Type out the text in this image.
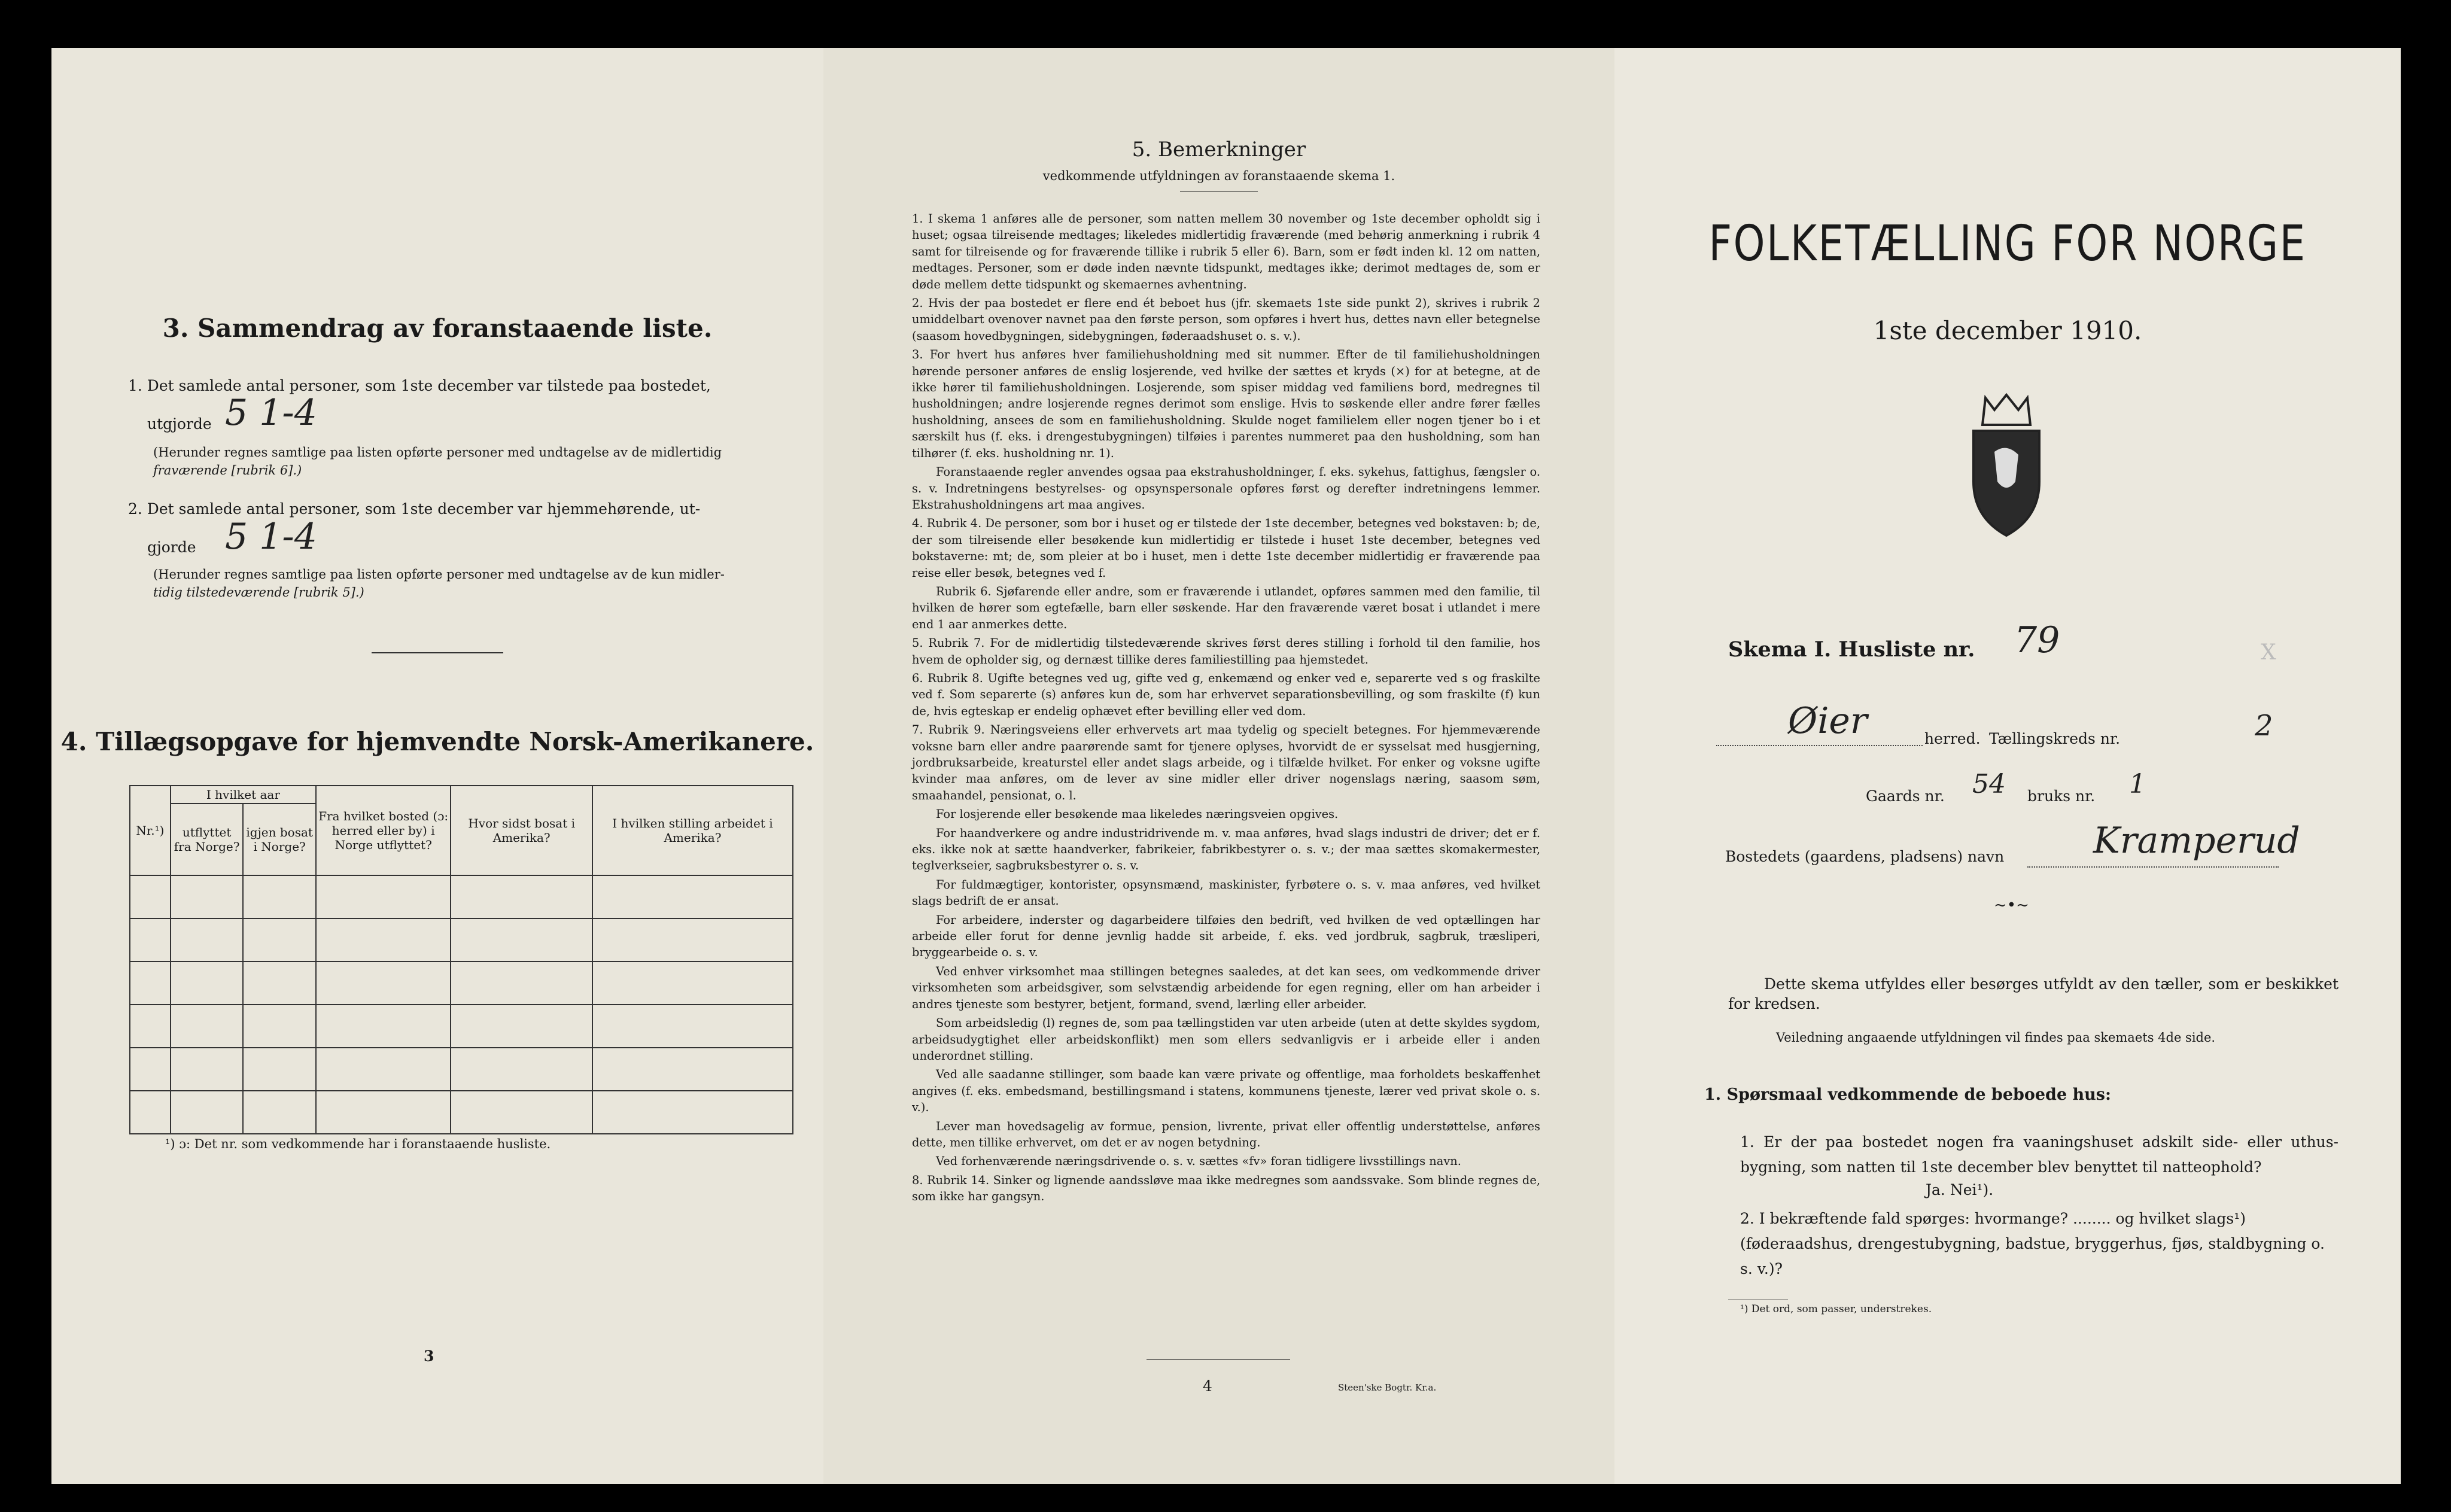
3. Sammendrag av foranstaaende liste.
1. Det samlede antal personer, som 1ste december var tilstede paa bostedet,
utgjorde 5 1-4
(Herunder regnes samtlige paa listen opførte personer med undtagelse av de midlertidig
fraværende [rubrik 6].)
2. Det samlede antal personer, som 1ste december var hjemmehørende, ut-
gjorde 5 1-4
(Herunder regnes samtlige paa listen opførte personer med undtagelse av de kun midler-
tidig tilstedeværende [rubrik 5].)
4. Tillægsopgave for hjemvendte Norsk-Amerikanere.
Nr.¹)	I hvilket aar		Fra hvilket bosted (ɔ: herred eller by) i Norge utflyttet?	Hvor sidst bosat i Amerika?	I hvilken stilling arbeidet i Amerika?
	utflyttet fra Norge?	igjen bosat i Norge?			

¹) ɔ: Det nr. som vedkommende har i foranstaaende husliste.
3
5. Bemerkninger
vedkommende utfyldningen av foranstaaende skema 1.

1. I skema 1 anføres alle de personer, som natten mellem 30 november og 1ste december opholdt sig i huset; ogsaa tilreisende medtages; likeledes midlertidig fraværende (med behørig anmerkning i rubrik 4 samt for tilreisende og for fraværende tillike i rubrik 5 eller 6). Barn, som er født inden kl. 12 om natten, medtages. Personer, som er døde inden nævnte tidspunkt, medtages ikke; derimot medtages de, som er døde mellem dette tidspunkt og skemaernes avhentning.

2. Hvis der paa bostedet er flere end ét beboet hus (jfr. skemaets 1ste side punkt 2), skrives i rubrik 2 umiddelbart ovenover navnet paa den første person, som opføres i hvert hus, dettes navn eller betegnelse (saasom hovedbygningen, sidebygningen, føderaadshuset o. s. v.).

3. For hvert hus anføres hver familiehusholdning med sit nummer. Efter de til familiehusholdningen hørende personer anføres de enslig losjerende, ved hvilke der sættes et kryds (×) for at betegne, at de ikke hører til familiehusholdningen. Losjerende, som spiser middag ved familiens bord, medregnes til husholdningen; andre losjerende regnes derimot som enslige. Hvis to søskende eller andre fører fælles husholdning, ansees de som en familiehusholdning. Skulde noget familielem eller nogen tjener bo i et særskilt hus (f. eks. i drengestubygningen) tilføies i parentes nummeret paa den husholdning, som han tilhører (f. eks. husholdning nr. 1).

Foranstaaende regler anvendes ogsaa paa ekstrahusholdninger, f. eks. sykehus, fattighus, fængsler o. s. v. Indretningens bestyrelses- og opsynspersonale opføres først og derefter indretningens lemmer. Ekstrahusholdningens art maa angives.

4. Rubrik 4. De personer, som bor i huset og er tilstede der 1ste december, betegnes ved bokstaven: b; de, der som tilreisende eller besøkende kun midlertidig er tilstede i huset 1ste december, betegnes ved bokstaverne: mt; de, som pleier at bo i huset, men i dette 1ste december midlertidig er fraværende paa reise eller besøk, betegnes ved f.

Rubrik 6. Sjøfarende eller andre, som er fraværende i utlandet, opføres sammen med den familie, til hvilken de hører som egtefælle, barn eller søskende. Har den fraværende været bosat i utlandet i mere end 1 aar anmerkes dette.

5. Rubrik 7. For de midlertidig tilstedeværende skrives først deres stilling i forhold til den familie, hos hvem de opholder sig, og dernæst tillike deres familiestilling paa hjemstedet.

6. Rubrik 8. Ugifte betegnes ved ug, gifte ved g, enkemænd og enker ved e, separerte ved s og fraskilte ved f. Som separerte (s) anføres kun de, som har erhvervet separationsbevilling, og som fraskilte (f) kun de, hvis egteskap er endelig ophævet efter bevilling eller ved dom.

7. Rubrik 9. Næringsveiens eller erhvervets art maa tydelig og specielt betegnes. For hjemmeværende voksne barn eller andre paarørende samt for tjenere oplyses, hvorvidt de er sysselsat med husgjerning, jordbruksarbeide, kreaturstel eller andet slags arbeide, og i tilfælde hvilket. For enker og voksne ugifte kvinder maa anføres, om de lever av sine midler eller driver nogenslags næring, saasom søm, smaahandel, pensionat, o. l.

For losjerende eller besøkende maa likeledes næringsveien opgives.

For haandverkere og andre industridrivende m. v. maa anføres, hvad slags industri de driver; det er f. eks. ikke nok at sætte haandverker, fabrikeier, fabrikbestyrer o. s. v.; der maa sættes skomakermester, teglverkseier, sagbruksbestyrer o. s. v.

For fuldmægtiger, kontorister, opsynsmænd, maskinister, fyrbøtere o. s. v. maa anføres, ved hvilket slags bedrift de er ansat.

For arbeidere, inderster og dagarbeidere tilføies den bedrift, ved hvilken de ved optællingen har arbeide eller forut for denne jevnlig hadde sit arbeide, f. eks. ved jordbruk, sagbruk, træsliperi, bryggearbeide o. s. v.

Ved enhver virksomhet maa stillingen betegnes saaledes, at det kan sees, om vedkommende driver virksomheten som arbeidsgiver, som selvstændig arbeidende for egen regning, eller om han arbeider i andres tjeneste som bestyrer, betjent, formand, svend, lærling eller arbeider.

Som arbeidsledig (l) regnes de, som paa tællingstiden var uten arbeide (uten at dette skyldes sygdom, arbeidsudygtighet eller arbeidskonflikt) men som ellers sedvanligvis er i arbeide eller i anden underordnet stilling.

Ved alle saadanne stillinger, som baade kan være private og offentlige, maa forholdets beskaffenhet angives (f. eks. embedsmand, bestillingsmand i statens, kommunens tjeneste, lærer ved privat skole o. s. v.).

Lever man hovedsagelig av formue, pension, livrente, privat eller offentlig understøttelse, anføres dette, men tillike erhvervet, om det er av nogen betydning.

Ved forhenværende næringsdrivende o. s. v. sættes «fv» foran tidligere livsstillings navn.

8. Rubrik 14. Sinker og lignende aandssløve maa ikke medregnes som aandssvake. Som blinde regnes de, som ikke har gangsyn.

4	Steen'ske Bogtr. Kr.a.
FOLKETÆLLING FOR NORGE
1ste december 1910.
Skema I. Husliste nr. 79	X
Øier	herred. Tællingskreds nr.	2
Gaards nr. 54 bruks nr. 1
Bostedets (gaardens, pladsens) navn Kramperud
~•~
Dette skema utfyldes eller besørges utfyldt av den tæller, som er beskikket for kredsen.
Veiledning angaaende utfyldningen vil findes paa skemaets 4de side.
1. Spørsmaal vedkommende de beboede hus:
1. Er der paa bostedet nogen fra vaaningshuset adskilt side- eller uthus-bygning, som natten til 1ste december blev benyttet til natteophold?
Ja. Nei¹).
2. I bekræftende fald spørges: hvormange? ........ og hvilket slags¹) (føderaadshus, drengestubygning, badstue, bryggerhus, fjøs, staldbygning o. s. v.)?
¹) Det ord, som passer, understrekes.
